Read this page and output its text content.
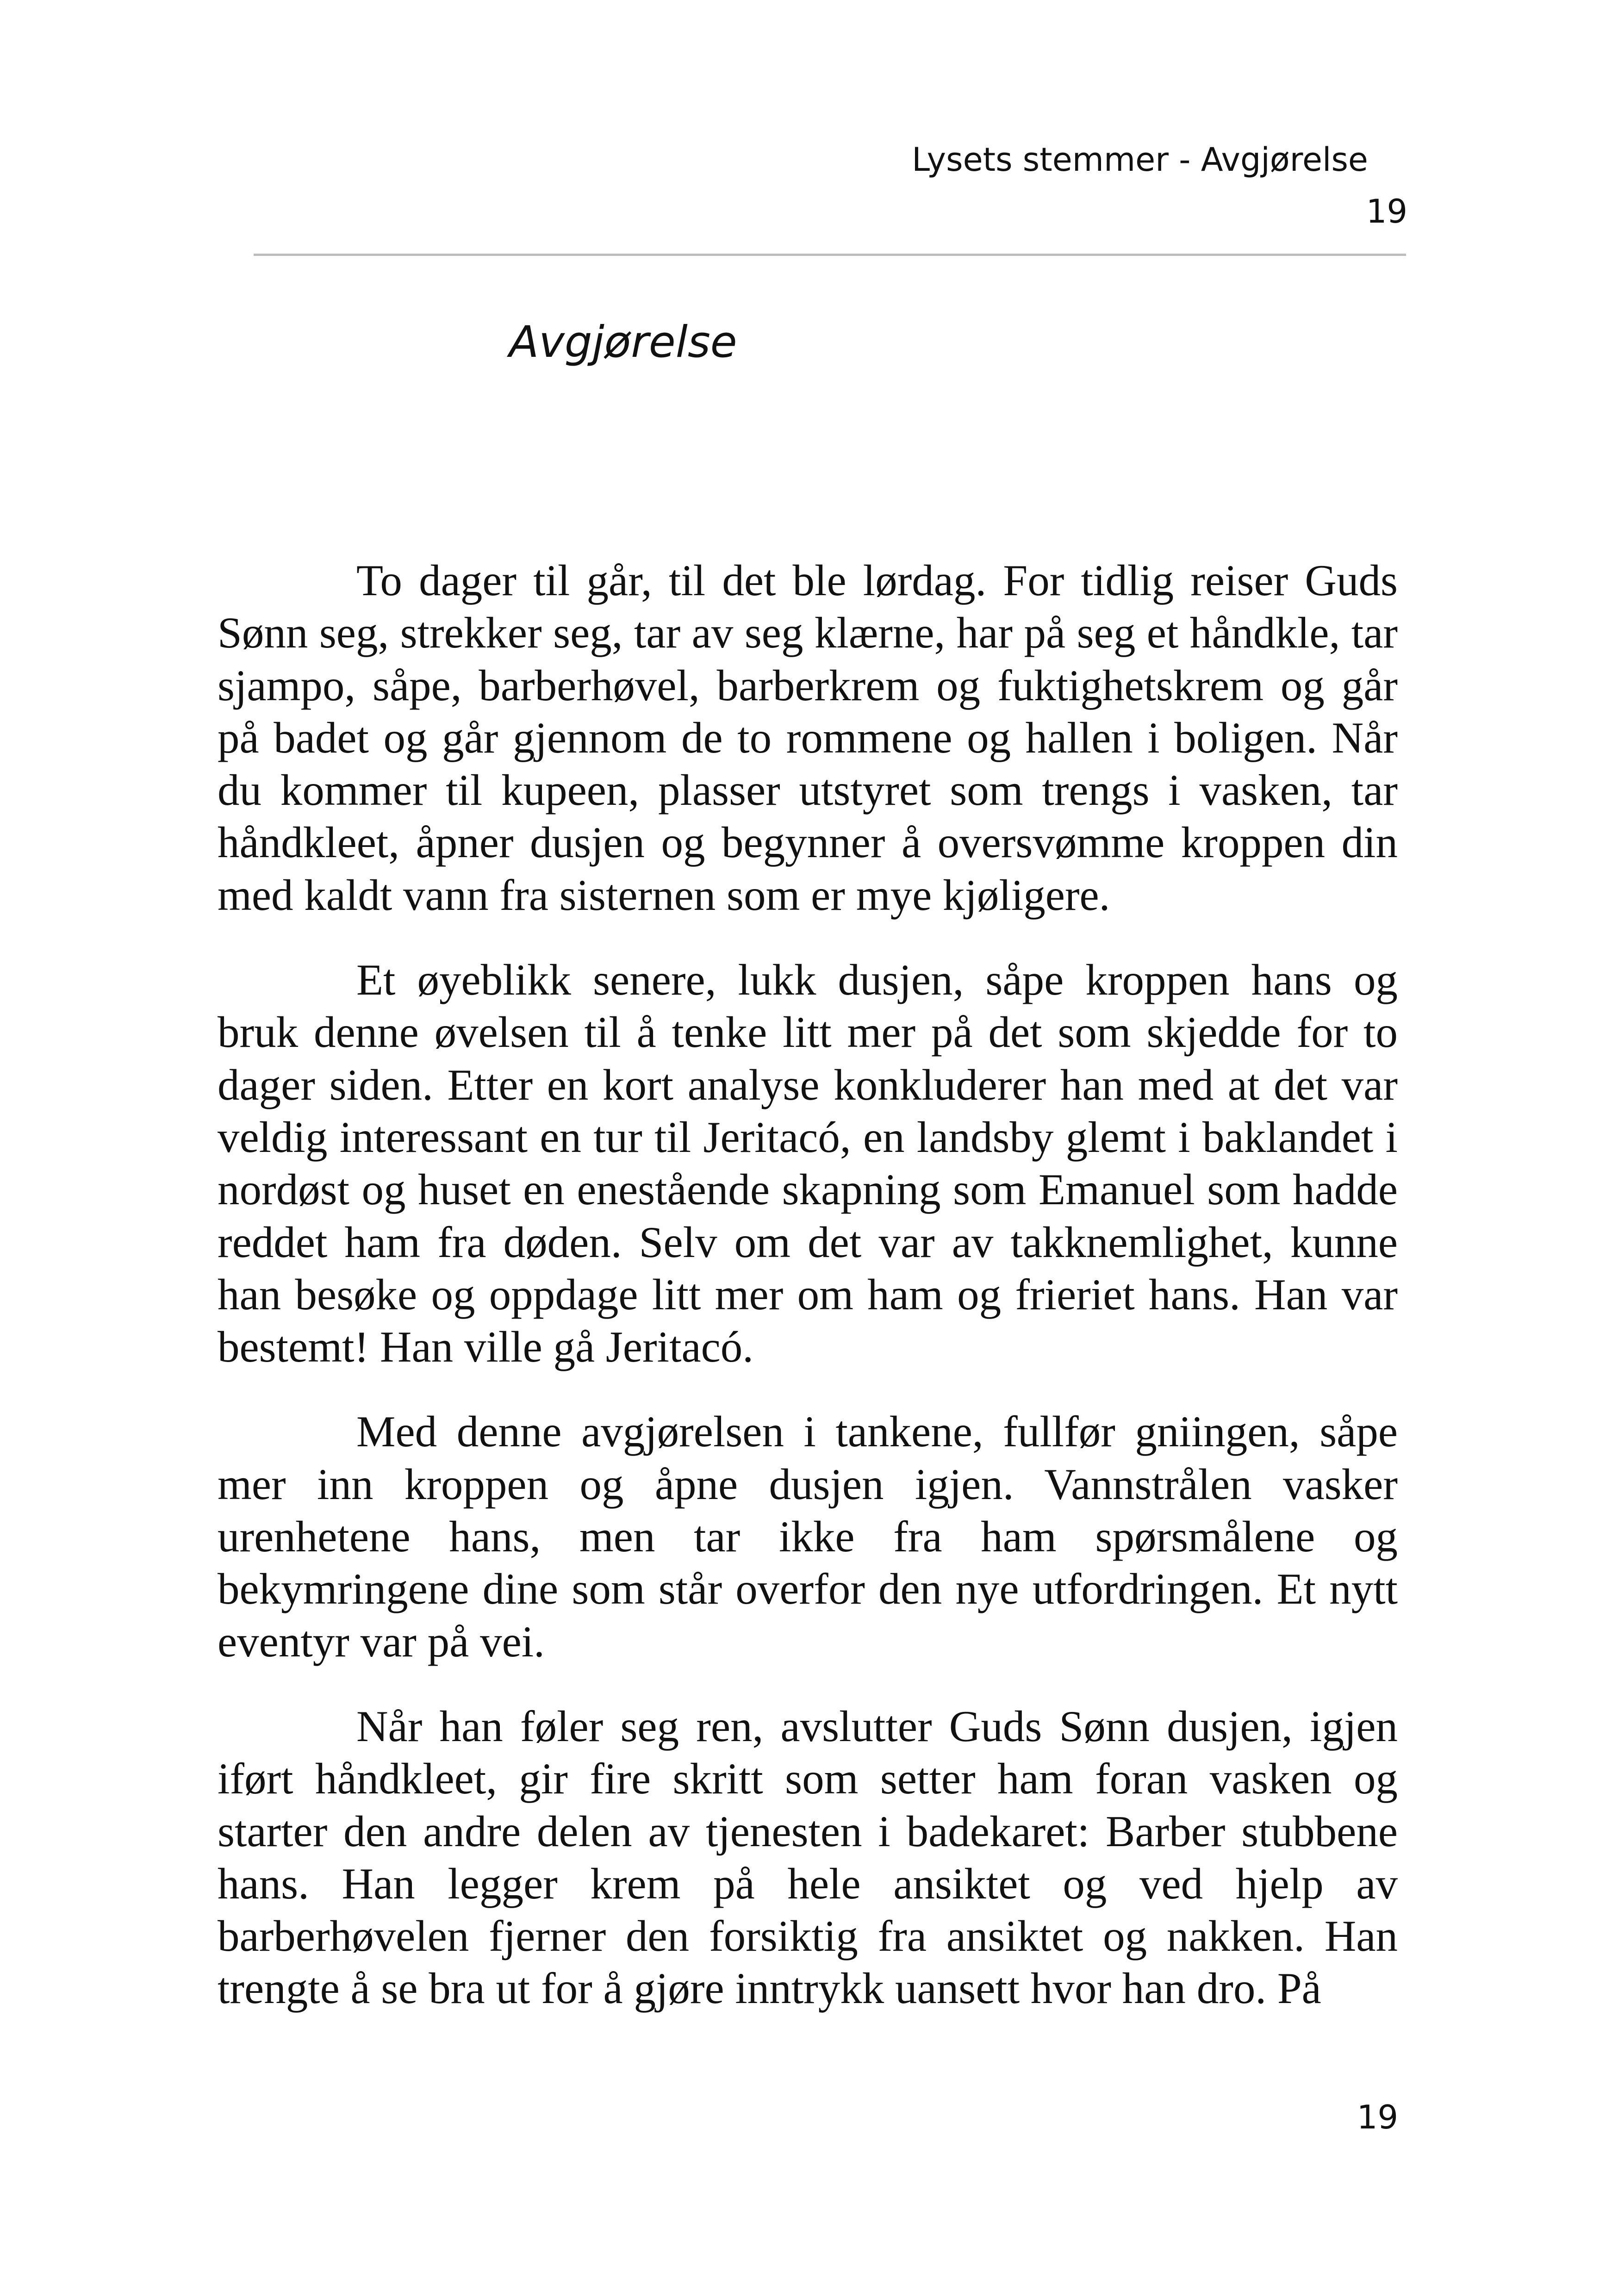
Lysets stemmer - Avgjørelse
19
Avgjørelse

To dager til går, til det ble lørdag. For tidlig reiser Guds Sønn seg, strekker seg, tar av seg klærne, har på seg et håndkle, tar sjampo, såpe, barberhøvel, barberkrem og fuktighetskrem og går på badet og går gjennom de to rommene og hallen i boligen. Når du kommer til kupeen, plasser utstyret som trengs i vasken, tar håndkleet, åpner dusjen og begynner å oversvømme kroppen din med kaldt vann fra sisternen som er mye kjøligere.

Et øyeblikk senere, lukk dusjen, såpe kroppen hans og bruk denne øvelsen til å tenke litt mer på det som skjedde for to dager siden. Etter en kort analyse konkluderer han med at det var veldig interessant en tur til Jeritacó, en landsby glemt i baklandet i nordøst og huset en enestående skapning som Emanuel som hadde reddet ham fra døden. Selv om det var av takknemlighet, kunne han besøke og oppdage litt mer om ham og frieriet hans. Han var bestemt! Han ville gå Jeritacó.

Med denne avgjørelsen i tankene, fullfør gniingen, såpe mer inn kroppen og åpne dusjen igjen. Vannstrålen vasker urenhetene hans, men tar ikke fra ham spørsmålene og bekymringene dine som står overfor den nye utfordringen. Et nytt eventyr var på vei.

Når han føler seg ren, avslutter Guds Sønn dusjen, igjen iført håndkleet, gir fire skritt som setter ham foran vasken og starter den andre delen av tjenesten i badekaret: Barber stubbene hans. Han legger krem på hele ansiktet og ved hjelp av barberhøvelen fjerner den forsiktig fra ansiktet og nakken. Han trengte å se bra ut for å gjøre inntrykk uansett hvor han dro. På

19
